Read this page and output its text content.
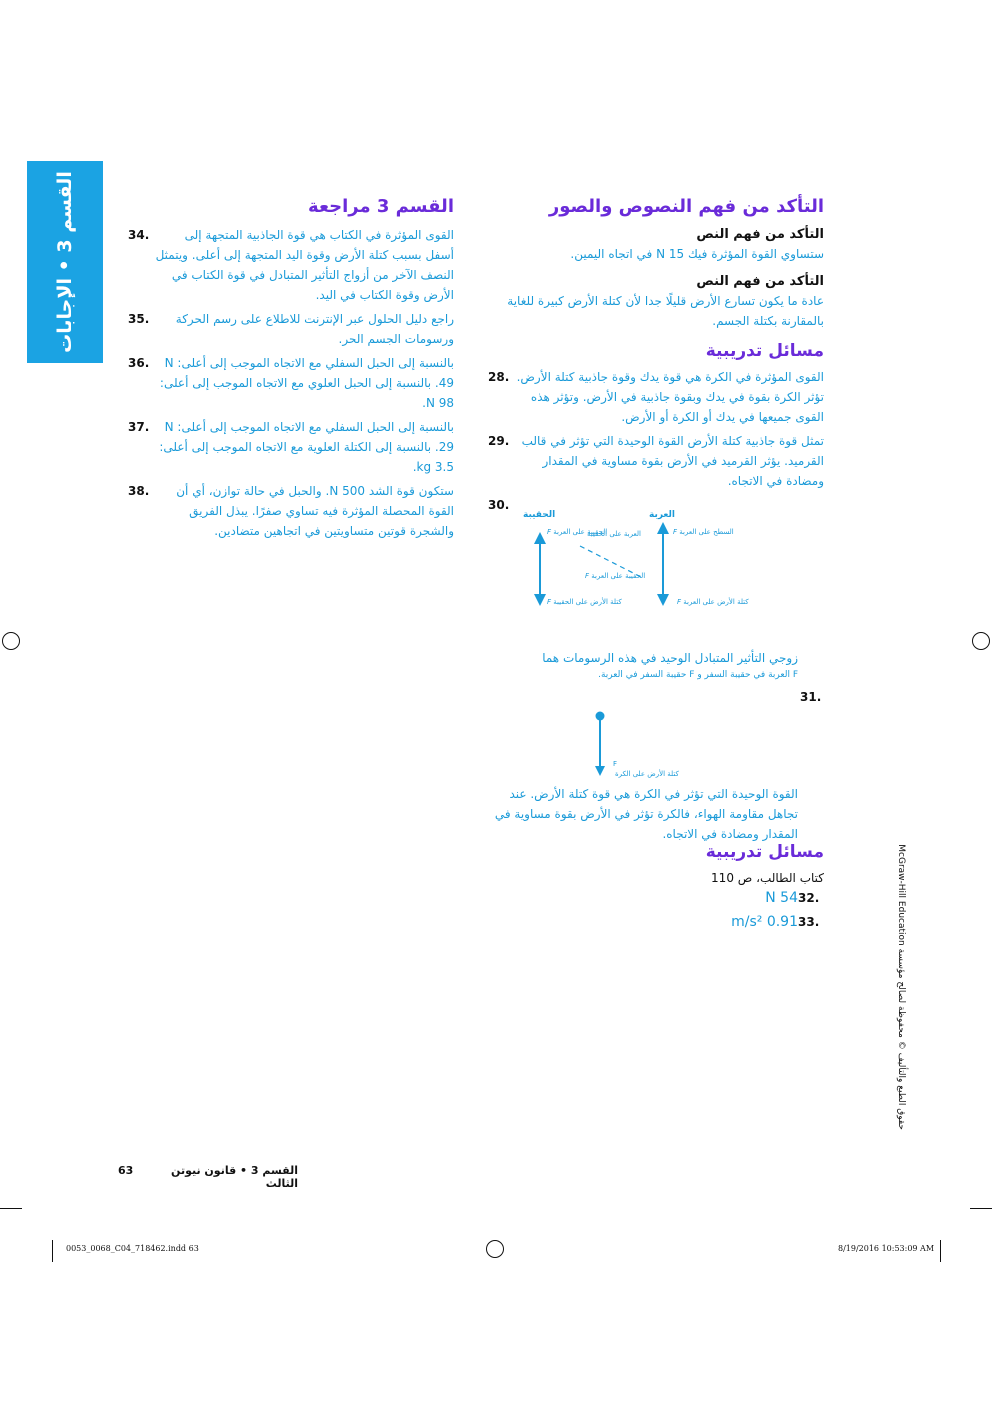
القسم 3 • الإجابات	التأكد من فهم النصوص والصور
التأكد من فهم النص

ستساوي القوة المؤثرة فيك N 15 في اتجاه اليمين.

التأكد من فهم النص

عادة ما يكون تسارع الأرض قليلًا جدا لأن كتلة الأرض كبيرة للغاية بالمقارنة بكتلة الجسم.

مسائل تدريبية
القوى المؤثرة في الكرة هي قوة يدك وقوة جاذبية كتلة الأرض. تؤثر الكرة بقوة في يدك وبقوة جاذبية في الأرض. وتؤثر هذه القوى جميعها في يدك أو الكرة أو الأرض.
28.
تمثل قوة جاذبية كتلة الأرض القوة الوحيدة التي تؤثر في قالب القرميد. يؤثر القرميد في الأرض بقوة مساوية في المقدار ومضادة في الاتجاه.
29.
30.
الحقيبة	العربة
F الحقيبة على العربة
العربة على الحقيبة	F السطح على العربة
F الحقيبة على العربة
F كتلة الأرض على الحقيبة	F كتلة الأرض على العربة

زوجي التأثير المتبادل الوحيد في هذه الرسومات هما

F العربة في حقيبة السفر و F حقيبة السفر في العربة.

31.
F
كتلة الأرض على الكرة

القوة الوحيدة التي تؤثر في الكرة هي قوة كتلة الأرض. عند تجاهل مقاومة الهواء، فالكرة تؤثر في الأرض بقوة مساوية في المقدار ومضادة في الاتجاه.

مسائل تدريبية

كتاب الطالب، ص 110

32.
54 N
33.
0.91 m/s²
القسم 3 مراجعة
القوى المؤثرة في الكتاب هي قوة الجاذبية المتجهة إلى أسفل بسبب كتلة الأرض وقوة اليد المتجهة إلى أعلى. ويتمثل النصف الآخر من أزواج التأثير المتبادل في قوة الكتاب في الأرض وقوة الكتاب في اليد.
34.
راجع دليل الحلول عبر الإنترنت للاطلاع على رسم الحركة ورسومات الجسم الحر.
35.
بالنسبة إلى الحبل السفلي مع الاتجاه الموجب إلى أعلى: N 49. بالنسبة إلى الحبل العلوي مع الاتجاه الموجب إلى أعلى: N 98.
36.
بالنسبة إلى الحبل السفلي مع الاتجاه الموجب إلى أعلى: N 29. بالنسبة إلى الكتلة العلوية مع الاتجاه الموجب إلى أعلى: kg 3.5.
37.
ستكون قوة الشد N 500. والحبل في حالة توازن، أي أن القوة المحصلة المؤثرة فيه تساوي صفرًا. يبذل الفريق والشجرة قوتين متساويتين في اتجاهين متضادين.
38.
حقوق الطبع والتأليف © محفوظة لصالح مؤسسة McGraw-Hill Education
63	القسم 3 • قانون نيوتن الثالث
0053_0068_C04_718462.indd 63	8/19/2016 10:53:09 AM
